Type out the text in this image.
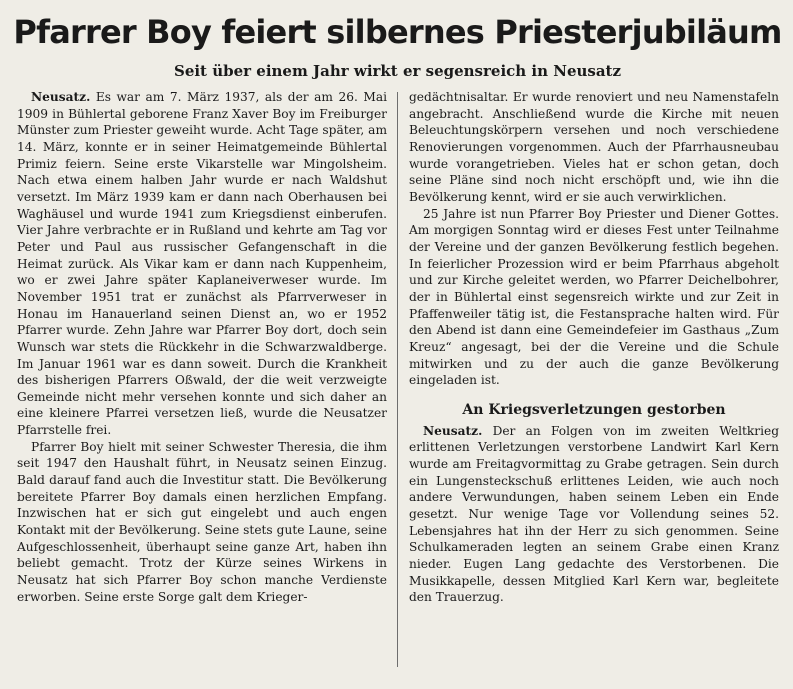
Pfarrer Boy feiert silbernes Priesterjubiläum
Seit über einem Jahr wirkt er segensreich in Neusatz

Neusatz. Es war am 7. März 1937, als der am 26. Mai 1909 in Bühlertal geborene Franz Xaver Boy im Freiburger Münster zum Priester geweiht wurde. Acht Tage später, am 14. März, konnte er in seiner Heimatgemeinde Bühlertal Primiz feiern. Seine erste Vikarstelle war Mingolsheim. Nach etwa einem halben Jahr wurde er nach Waldshut versetzt. Im März 1939 kam er dann nach Oberhausen bei Waghäusel und wurde 1941 zum Kriegsdienst einberufen. Vier Jahre verbrachte er in Rußland und kehrte am Tag vor Peter und Paul aus russischer Gefangenschaft in die Heimat zurück. Als Vikar kam er dann nach Kuppenheim, wo er zwei Jahre später Kaplaneiverweser wurde. Im November 1951 trat er zunächst als Pfarrverweser in Honau im Hanauerland seinen Dienst an, wo er 1952 Pfarrer wurde. Zehn Jahre war Pfarrer Boy dort, doch sein Wunsch war stets die Rückkehr in die Schwarzwaldberge. Im Januar 1961 war es dann soweit. Durch die Krankheit des bisherigen Pfarrers Oßwald, der die weit verzweigte Gemeinde nicht mehr versehen konnte und sich daher an eine kleinere Pfarrei versetzen ließ, wurde die Neusatzer Pfarrstelle frei.

Pfarrer Boy hielt mit seiner Schwester Theresia, die ihm seit 1947 den Haushalt führt, in Neusatz seinen Einzug. Bald darauf fand auch die Investitur statt. Die Bevölkerung bereitete Pfarrer Boy damals einen herzlichen Empfang. Inzwischen hat er sich gut eingelebt und auch engen Kontakt mit der Bevölkerung. Seine stets gute Laune, seine Aufgeschlossenheit, überhaupt seine ganze Art, haben ihn beliebt gemacht. Trotz der Kürze seines Wirkens in Neusatz hat sich Pfarrer Boy schon manche Verdienste erworben. Seine erste Sorge galt dem Krieger-

gedächtnisaltar. Er wurde renoviert und neu Namenstafeln angebracht. Anschließend wurde die Kirche mit neuen Beleuchtungskörpern versehen und noch verschiedene Renovierungen vorgenommen. Auch der Pfarrhausneubau wurde vorangetrieben. Vieles hat er schon getan, doch seine Pläne sind noch nicht erschöpft und, wie ihn die Bevölkerung kennt, wird er sie auch verwirklichen.

25 Jahre ist nun Pfarrer Boy Priester und Diener Gottes. Am morgigen Sonntag wird er dieses Fest unter Teilnahme der Vereine und der ganzen Bevölkerung festlich begehen. In feierlicher Prozession wird er beim Pfarrhaus abgeholt und zur Kirche geleitet werden, wo Pfarrer Deichelbohrer, der in Bühlertal einst segensreich wirkte und zur Zeit in Pfaffenweiler tätig ist, die Festansprache halten wird. Für den Abend ist dann eine Gemeindefeier im Gasthaus „Zum Kreuz“ angesagt, bei der die Vereine und die Schule mitwirken und zu der auch die ganze Bevölkerung eingeladen ist.

An Kriegsverletzungen gestorben

Neusatz. Der an Folgen von im zweiten Weltkrieg erlittenen Verletzungen verstorbene Landwirt Karl Kern wurde am Freitagvormittag zu Grabe getragen. Sein durch ein Lungensteckschuß erlittenes Leiden, wie auch noch andere Verwundungen, haben seinem Leben ein Ende gesetzt. Nur wenige Tage vor Vollendung seines 52. Lebensjahres hat ihn der Herr zu sich genommen. Seine Schulkameraden legten an seinem Grabe einen Kranz nieder. Eugen Lang gedachte des Verstorbenen. Die Musikkapelle, dessen Mitglied Karl Kern war, begleitete den Trauerzug.
